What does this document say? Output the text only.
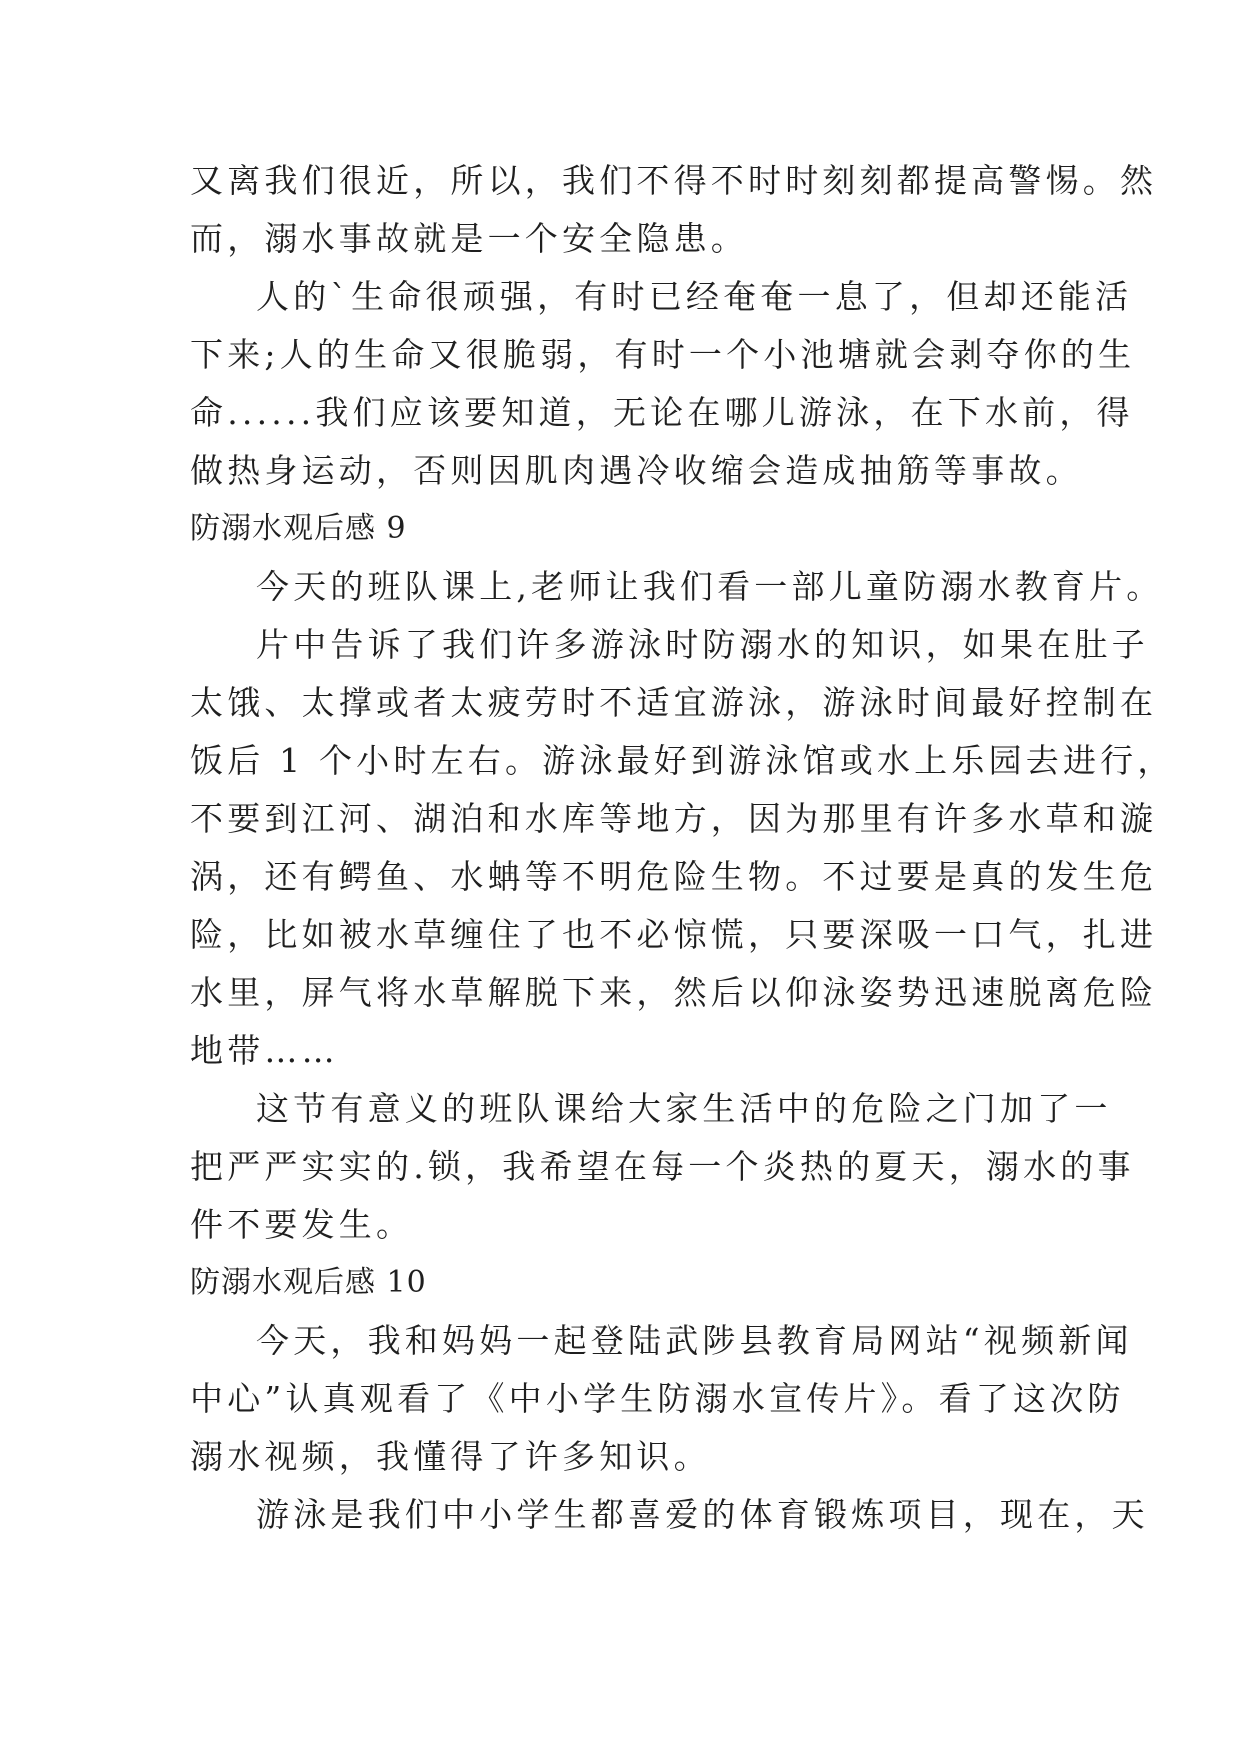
又离我们很近，所以，我们不得不时时刻刻都提高警惕。然
而，溺水事故就是一个安全隐患。
人的`生命很顽强，有时已经奄奄一息了，但却还能活
下来;人的生命又很脆弱，有时一个小池塘就会剥夺你的生
命......我们应该要知道，无论在哪儿游泳，在下水前，得
做热身运动，否则因肌肉遇冷收缩会造成抽筋等事故。
防溺水观后感 9
今天的班队课上,老师让我们看一部儿童防溺水教育片。
片中告诉了我们许多游泳时防溺水的知识，如果在肚子
太饿、太撑或者太疲劳时不适宜游泳，游泳时间最好控制在
饭后 1 个小时左右。游泳最好到游泳馆或水上乐园去进行，
不要到江河、湖泊和水库等地方，因为那里有许多水草和漩
涡，还有鳄鱼、水蚺等不明危险生物。不过要是真的发生危
险，比如被水草缠住了也不必惊慌，只要深吸一口气，扎进
水里，屏气将水草解脱下来，然后以仰泳姿势迅速脱离危险
地带……
这节有意义的班队课给大家生活中的危险之门加了一
把严严实实的.锁，我希望在每一个炎热的夏天，溺水的事
件不要发生。
防溺水观后感 10
今天，我和妈妈一起登陆武陟县教育局网站“视频新闻
中心”认真观看了《中小学生防溺水宣传片》。看了这次防
溺水视频，我懂得了许多知识。
游泳是我们中小学生都喜爱的体育锻炼项目，现在，天
